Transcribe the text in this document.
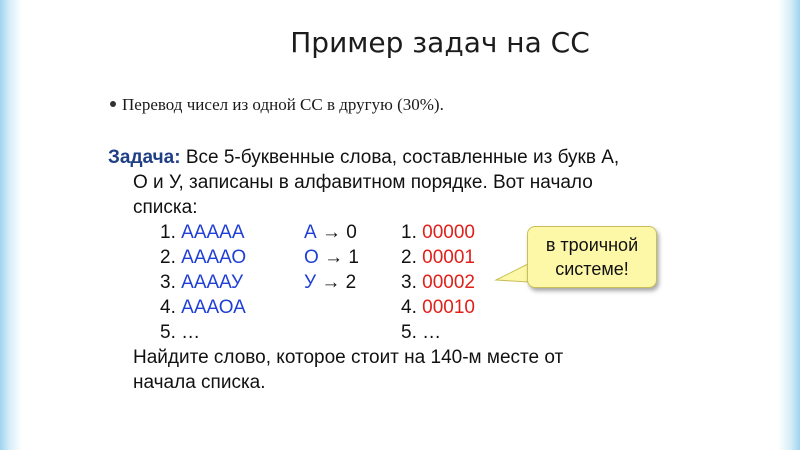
Пример задач на СС
Перевод чисел из одной СС в другую (30%).
Задача: Все 5-буквенные слова, составленные из букв А,
О и У, записаны в алфавитном порядке. Вот начало
списка:
1. ААААА
2. ААААО
3. ААААУ
4. АААОА
5. …
А → 0
О → 1
У → 2
1. 00000
2. 00001
3. 00002
4. 00010
5. …
Найдите слово, которое стоит на 140-м месте от
начала списка.
в троичной
системе!
